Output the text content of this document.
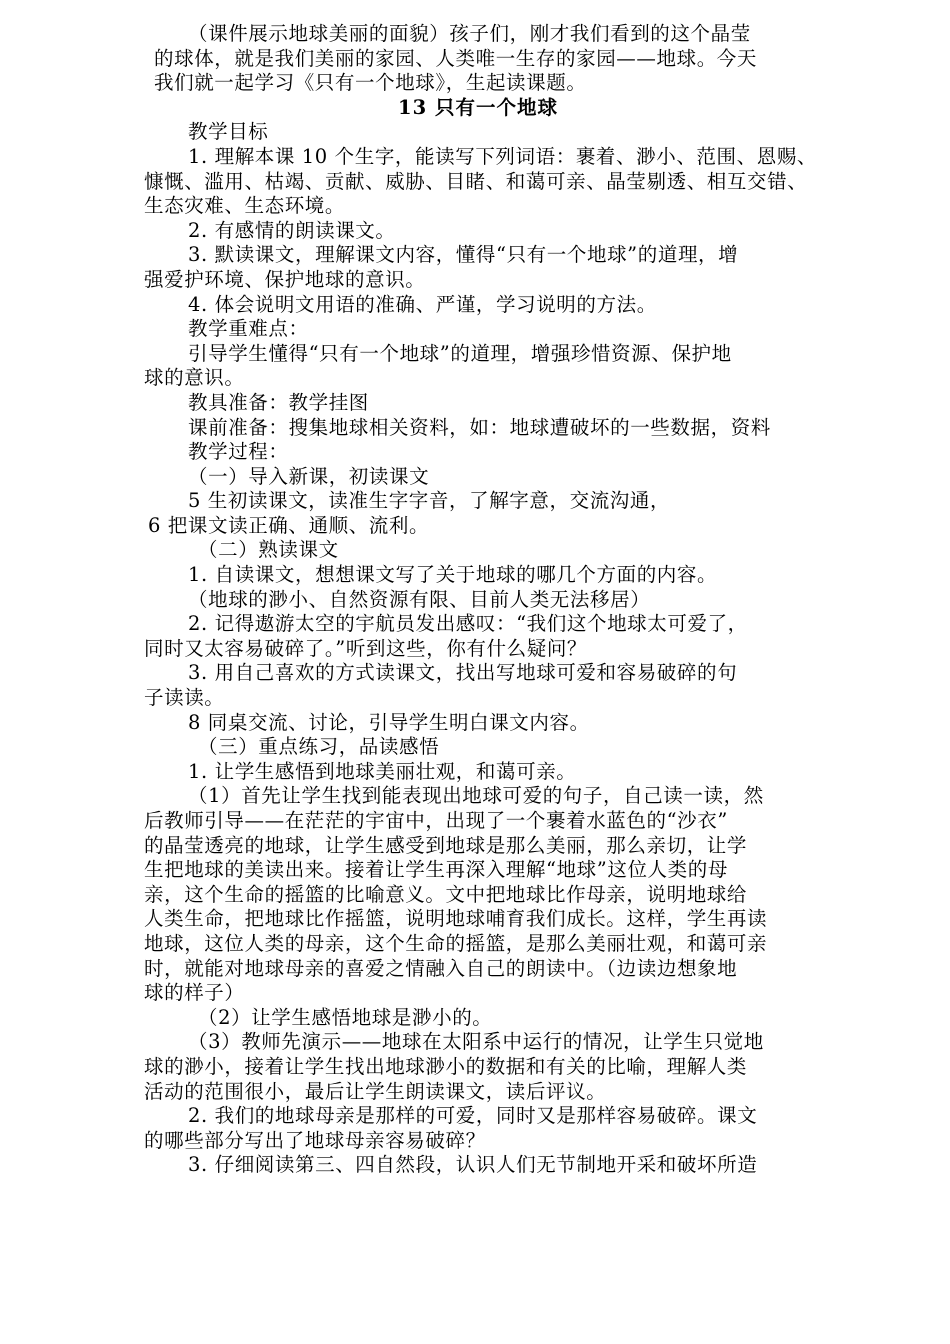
（课件展示地球美丽的面貌）孩子们，刚才我们看到的这个晶莹
的球体，就是我们美丽的家园、人类唯一生存的家园——地球。今天
我们就一起学习《只有一个地球》，生起读课题。
13 只有一个地球
教学目标
1. 理解本课 10 个生字，能读写下列词语：裹着、渺小、范围、恩赐、
慷慨、滥用、枯竭、贡献、威胁、目睹、和蔼可亲、晶莹剔透、相互交错、
生态灾难、生态环境。
2. 有感情的朗读课文。
3. 默读课文，理解课文内容，懂得“只有一个地球”的道理，增
强爱护环境、保护地球的意识。
4. 体会说明文用语的准确、严谨，学习说明的方法。
教学重难点：
引导学生懂得“只有一个地球”的道理，增强珍惜资源、保护地
球的意识。
教具准备：教学挂图
课前准备：搜集地球相关资料，如：地球遭破坏的一些数据，资料
教学过程：
（一）导入新课，初读课文
5 生初读课文，读准生字字音，了解字意，交流沟通，
6 把课文读正确、通顺、流利。
（二）熟读课文
1. 自读课文，想想课文写了关于地球的哪几个方面的内容。
（地球的渺小、自然资源有限、目前人类无法移居）
2. 记得遨游太空的宇航员发出感叹：“我们这个地球太可爱了，
同时又太容易破碎了。”听到这些，你有什么疑问？
3. 用自己喜欢的方式读课文，找出写地球可爱和容易破碎的句
子读读。
8 同桌交流、讨论，引导学生明白课文内容。
（三）重点练习，品读感悟
1. 让学生感悟到地球美丽壮观，和蔼可亲。
（1）首先让学生找到能表现出地球可爱的句子，自己读一读，然
后教师引导——在茫茫的宇宙中，出现了一个裹着水蓝色的“沙衣”
的晶莹透亮的地球，让学生感受到地球是那么美丽，那么亲切，让学
生把地球的美读出来。接着让学生再深入理解“地球”这位人类的母
亲，这个生命的摇篮的比喻意义。文中把地球比作母亲，说明地球给
人类生命，把地球比作摇篮，说明地球哺育我们成长。这样，学生再读
地球，这位人类的母亲，这个生命的摇篮，是那么美丽壮观，和蔼可亲
时，就能对地球母亲的喜爱之情融入自己的朗读中。（边读边想象地
球的样子）
（2）让学生感悟地球是渺小的。
（3）教师先演示——地球在太阳系中运行的情况，让学生只觉地
球的渺小，接着让学生找出地球渺小的数据和有关的比喻，理解人类
活动的范围很小，最后让学生朗读课文，读后评议。
2. 我们的地球母亲是那样的可爱，同时又是那样容易破碎。课文
的哪些部分写出了地球母亲容易破碎？
3. 仔细阅读第三、四自然段，认识人们无节制地开采和破坏所造
